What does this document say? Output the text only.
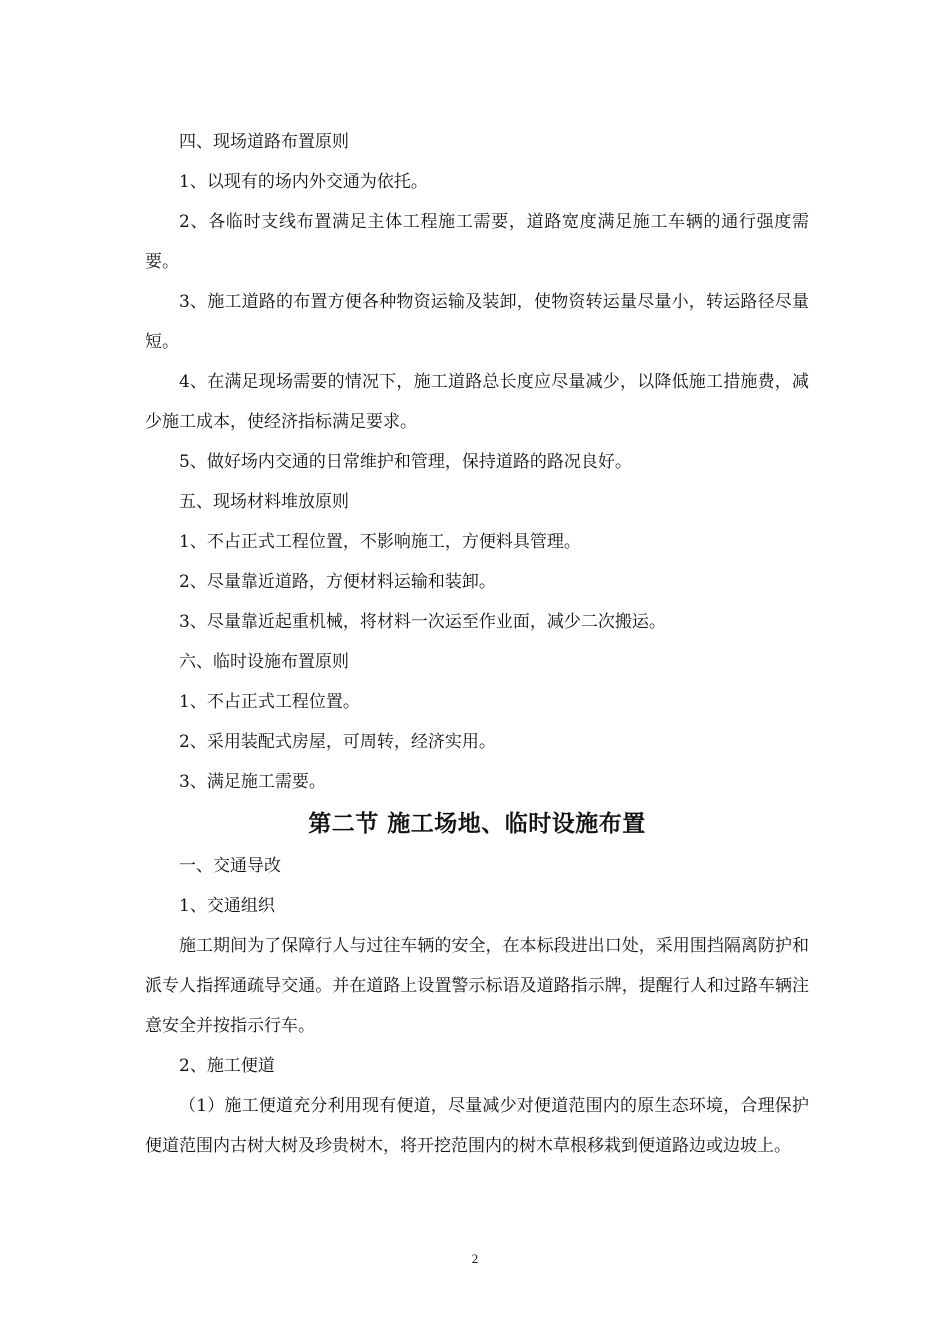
四、现场道路布置原则

1、以现有的场内外交通为依托。

2、各临时支线布置满足主体工程施工需要，道路宽度满足施工车辆的通行强度需要。

3、施工道路的布置方便各种物资运输及装卸，使物资转运量尽量小，转运路径尽量短。

4、在满足现场需要的情况下，施工道路总长度应尽量减少，以降低施工措施费，减少施工成本，使经济指标满足要求。

5、做好场内交通的日常维护和管理，保持道路的路况良好。

五、现场材料堆放原则

1、不占正式工程位置，不影响施工，方便料具管理。

2、尽量靠近道路，方便材料运输和装卸。

3、尽量靠近起重机械，将材料一次运至作业面，减少二次搬运。

六、临时设施布置原则

1、不占正式工程位置。

2、采用装配式房屋，可周转，经济实用。

3、满足施工需要。

第二节 施工场地、临时设施布置

一、交通导改

1、交通组织

施工期间为了保障行人与过往车辆的安全，在本标段进出口处，采用围挡隔离防护和派专人指挥通疏导交通。并在道路上设置警示标语及道路指示牌，提醒行人和过路车辆注意安全并按指示行车。

2、施工便道

（1）施工便道充分利用现有便道，尽量减少对便道范围内的原生态环境，合理保护便道范围内古树大树及珍贵树木，将开挖范围内的树木草根移栽到便道路边或边坡上。

2
